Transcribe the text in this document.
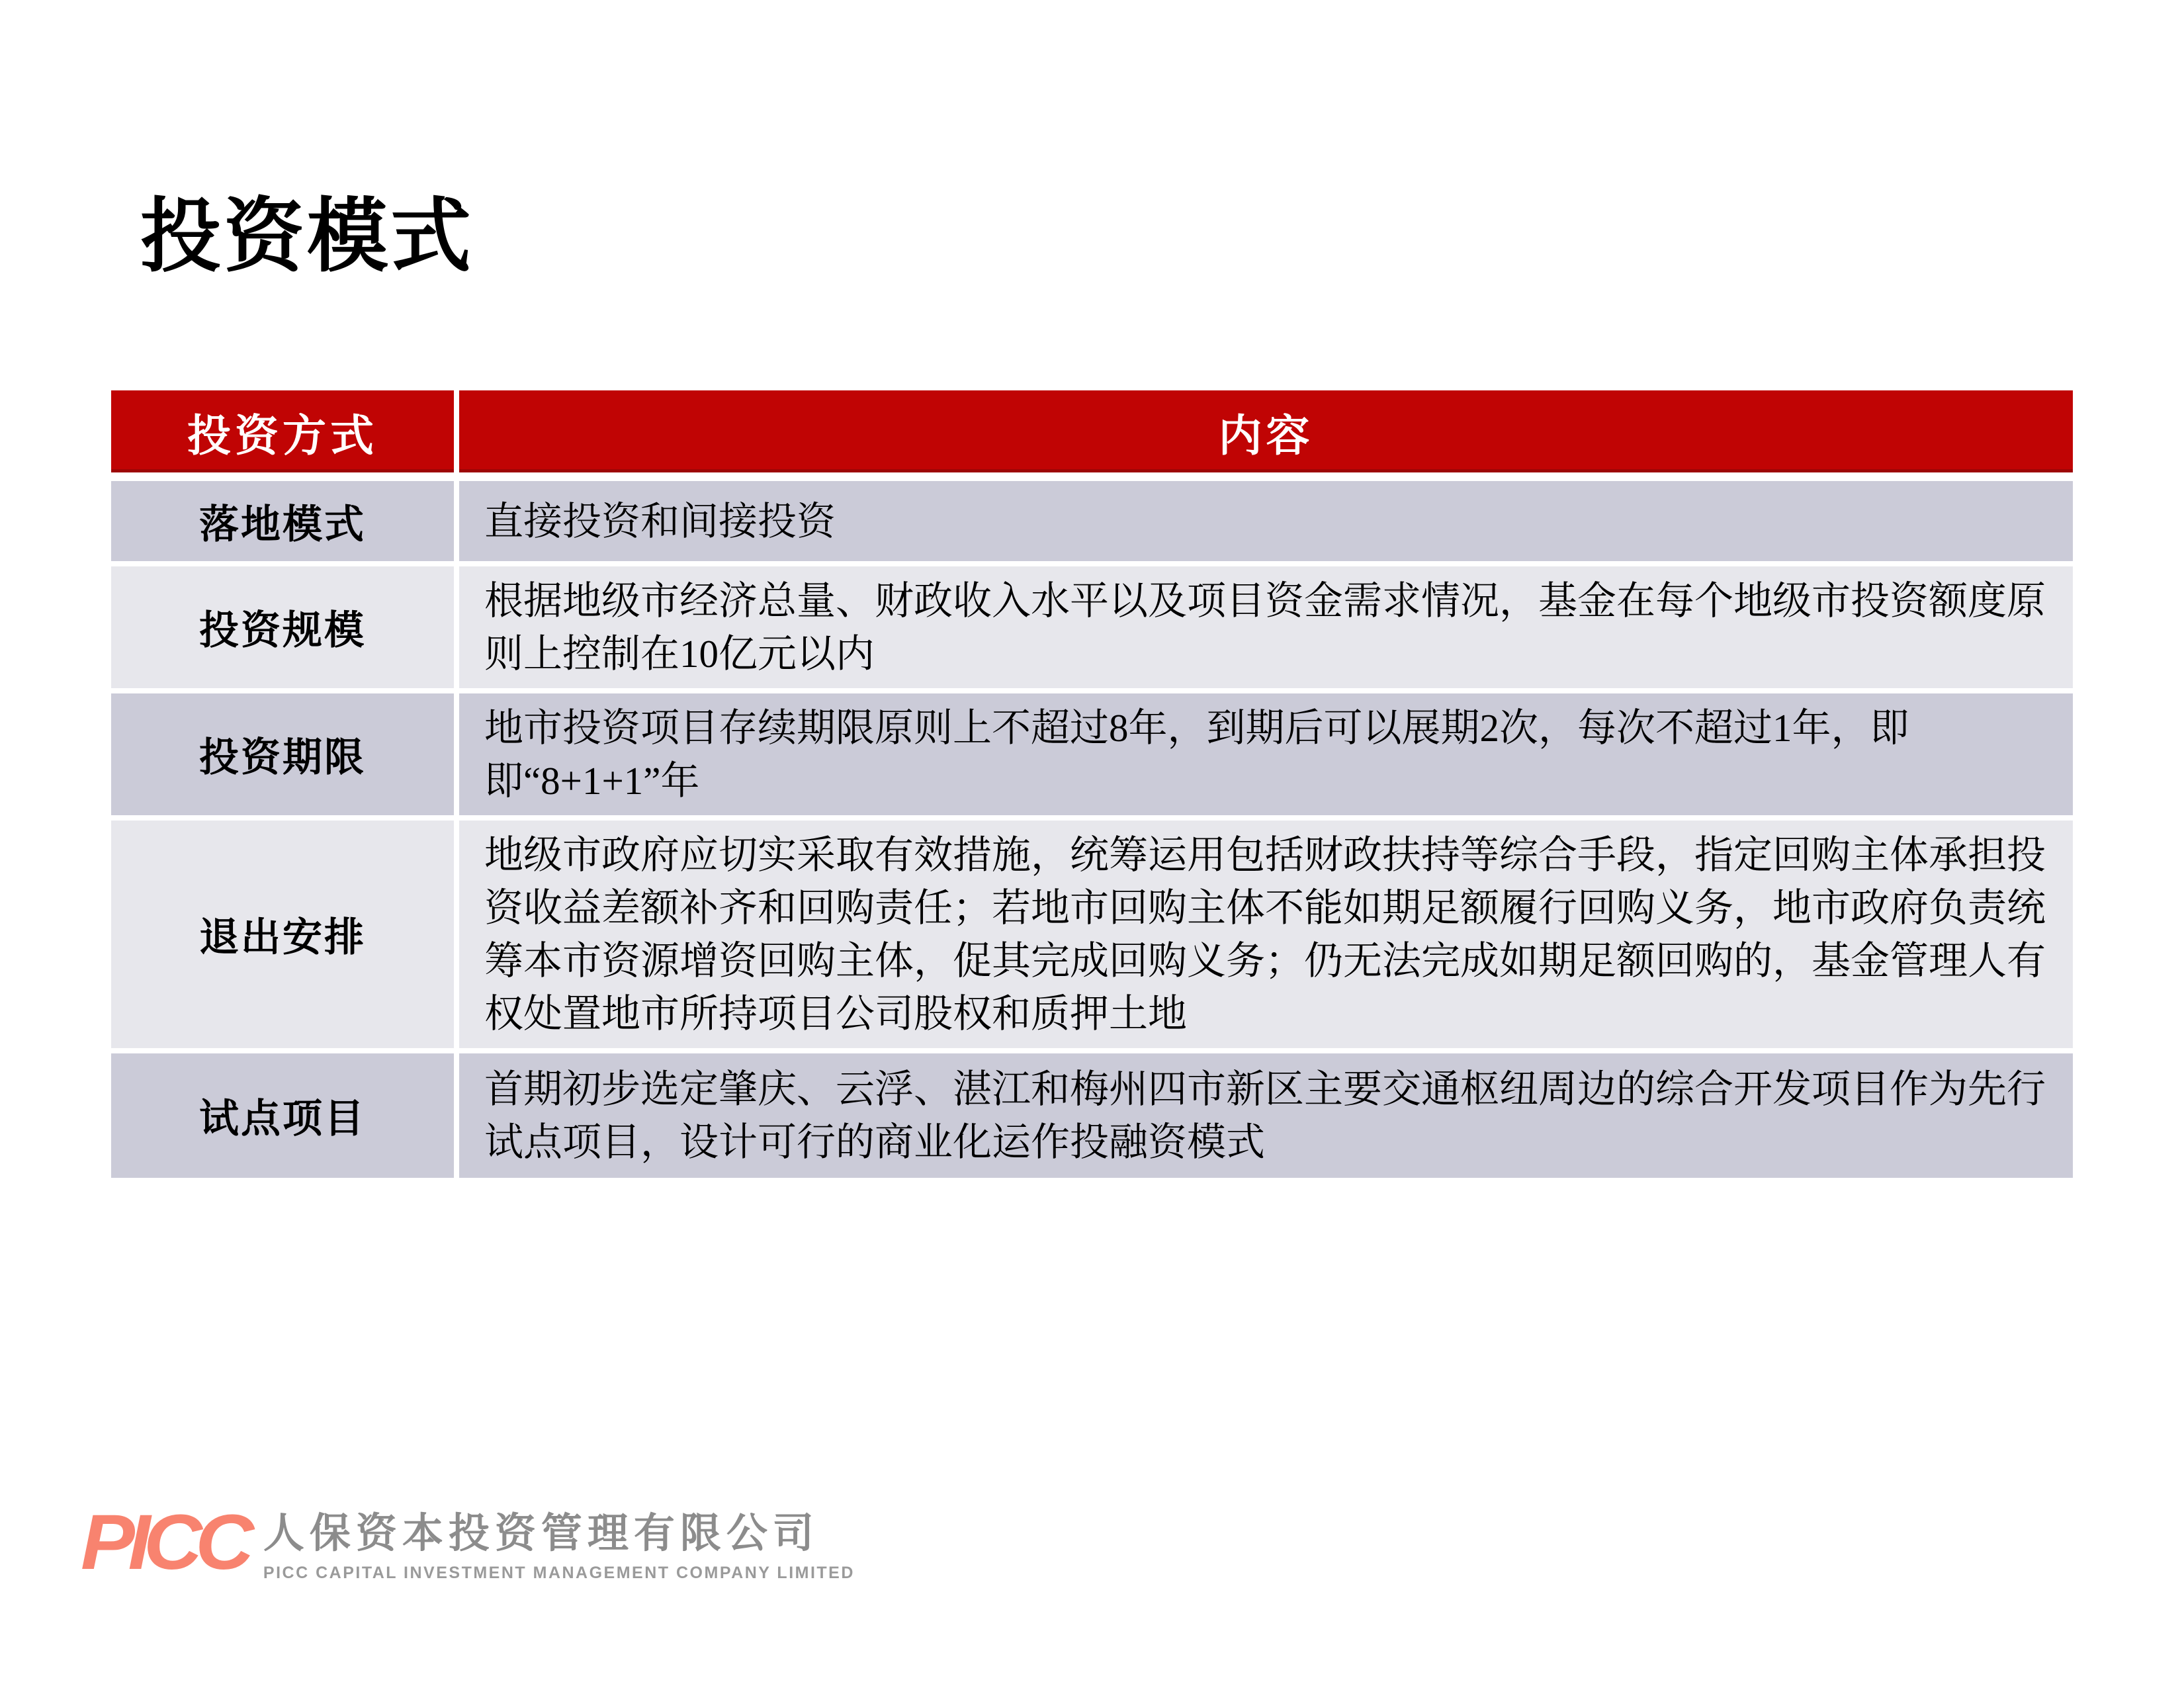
投资模式
投资方式	内容
落地模式	直接投资和间接投资
投资规模
根据地级市经济总量、财政收入水平以及项目资金需求情况，基金在每个地级市投资额度原则上控制在10亿元以内
投资期限
地市投资项目存续期限原则上不超过8年，到期后可以展期2次，每次不超过1年，即即“8+1+1”年
退出安排
地级市政府应切实采取有效措施，统筹运用包括财政扶持等综合手段，指定回购主体承担投资收益差额补齐和回购责任；若地市回购主体不能如期足额履行回购义务，地市政府负责统筹本市资源增资回购主体，促其完成回购义务；仍无法完成如期足额回购的，基金管理人有权处置地市所持项目公司股权和质押土地
试点项目
首期初步选定肇庆、云浮、湛江和梅州四市新区主要交通枢纽周边的综合开发项目作为先行试点项目，设计可行的商业化运作投融资模式
PICC 人保资本投资管理有限公司
PICC CAPITAL INVESTMENT MANAGEMENT COMPANY LIMITED
